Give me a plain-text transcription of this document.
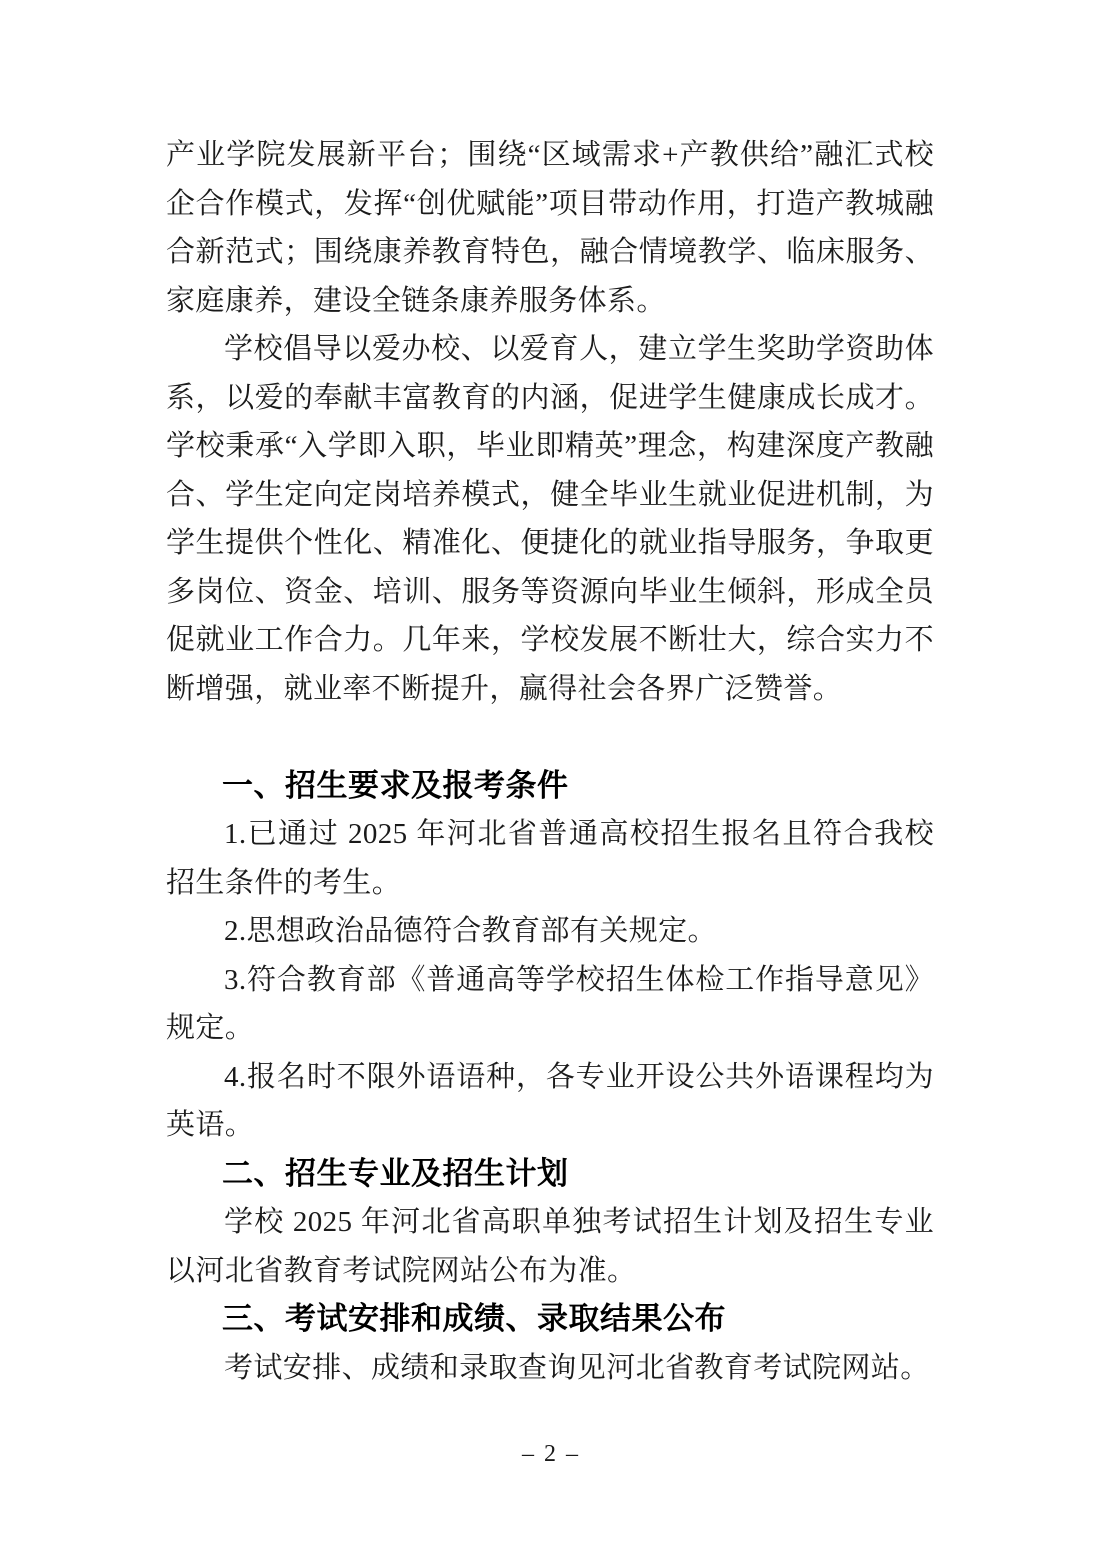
产业学院发展新平台；围绕“区域需求+产教供给”融汇式校企合作模式，发挥“创优赋能”项目带动作用，打造产教城融合新范式；围绕康养教育特色，融合情境教学、临床服务、家庭康养，建设全链条康养服务体系。

学校倡导以爱办校、以爱育人，建立学生奖助学资助体系，以爱的奉献丰富教育的内涵，促进学生健康成长成才。学校秉承“入学即入职，毕业即精英”理念，构建深度产教融合、学生定向定岗培养模式，健全毕业生就业促进机制，为学生提供个性化、精准化、便捷化的就业指导服务，争取更多岗位、资金、培训、服务等资源向毕业生倾斜，形成全员促就业工作合力。几年来，学校发展不断壮大，综合实力不断增强，就业率不断提升，赢得社会各界广泛赞誉。

一、招生要求及报考条件

1.已通过 2025 年河北省普通高校招生报名且符合我校招生条件的考生。

2.思想政治品德符合教育部有关规定。

3.符合教育部《普通高等学校招生体检工作指导意见》规定。

4.报名时不限外语语种，各专业开设公共外语课程均为英语。

二、招生专业及招生计划

学校 2025 年河北省高职单独考试招生计划及招生专业以河北省教育考试院网站公布为准。

三、考试安排和成绩、录取结果公布

考试安排、成绩和录取查询见河北省教育考试院网站。

– 2 –
